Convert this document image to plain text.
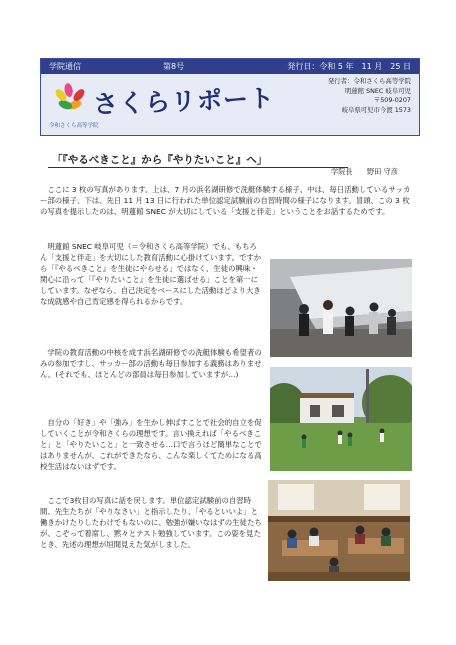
学院通信	第8号	発行日：令和 5 年　11 月　25 日
さくらリポート
令和さくら高等学院
発行者：令和さくら高等学院
明蓮館 SNEC 岐阜可児
〒509-0207
岐阜県可児市今渡 1573
「『やるべきこと』から『やりたいこと』へ」
学院長　　野田 守彦
ここに 3 枚の写真があります。上は、7 月の浜名湖研修で洗艇体験する様子、中は、毎日活動しているサッカー部の様子、下は、先日 11 月 13 日に行われた単位認定試験前の自習時間の様子になります。冒頭、この 3 枚の写真を提示したのは、明蓮館 SNEC が大切にしている「支援と伴走」ということをお話するためです。
明蓮館 SNEC 岐阜可児（＝令和さくら高等学院）でも、もちろん「支援と伴走」を大切にした教育活動に心掛けています。ですから「『やるべきこと』を生徒にやらせる」ではなく、生徒の興味・関心に沿って「『やりたいこと』を生徒に選ばせる」ことを第一にしています。なぜなら、自己決定をベースにした活動ほどより大きな成就感や自己肯定感を得られるからです。
学院の教育活動の中核を成す浜名湖研修での洗艇体験も希望者のみの参加ですし、サッカー部の活動も毎日参加する義務はありません。(それでも、ほとんどの部員は毎日参加していますが…)
自分の「好き」や「強み」を生かし伸ばすことで社会的自立を促していくことが令和さくらの理想です。言い換えれば「やるべきこと」と「やりたいこと」と一致させる…口で言うほど簡単なことではありませんが、これができたなら、こんな楽しくてためになる高校生活はないはずです。
ここで3枚目の写真に話を戻します。単位認定試験前の自習時間、先生たちが「やりなさい」と指示したり、「やるといいよ」と働きかけたりしたわけでもないのに、勉強が嫌いなはずの生徒たちが、こぞって着席し、黙々とテスト勉強しています。この姿を見たとき、先述の理想が垣間見えた気がしました。
